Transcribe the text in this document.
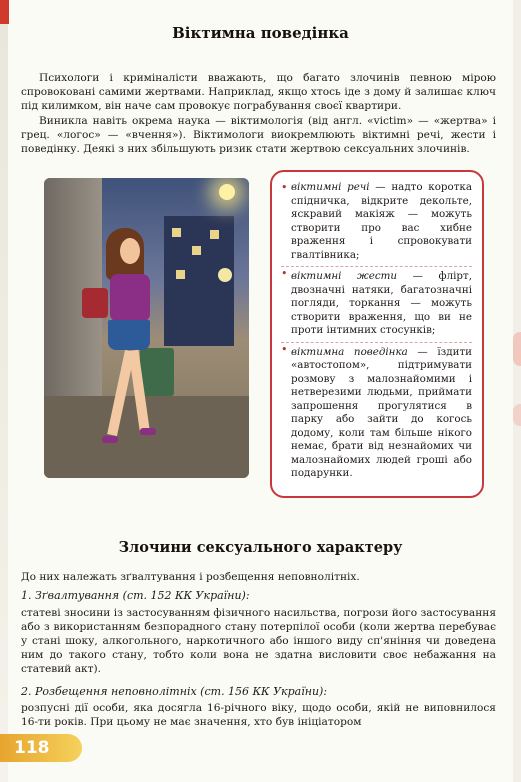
Віктимна поведінка

Психологи і криміналісти вважають, що багато злочинів певною мірою спровоковані самими жертвами. Наприклад, якщо хтось іде з дому й залишає ключ під килимком, він наче сам провокує пограбування своєї квартири.

Виникла навіть окрема наука — віктимологія (від англ. «victim» — «жертва» і грец. «логос» — «вчення»). Віктимологи виокремлюють віктимні речі, жести і поведінку. Деякі з них збільшують ризик стати жертвою сексуальних злочинів.

• віктимні речі — надто коротка спідничка, відкрите декольте, яскравий макіяж — можуть створити про вас хибне враження і спровокувати гвалтівника;
• віктимні жести — флірт, двозначні натяки, багатозначні погляди, торкання — можуть створити враження, що ви не проти інтимних стосунків;
• віктимна поведінка — їздити «автостопом», підтримувати розмову з малознайомими і нетверезими людьми, приймати запрошення прогулятися в парку або зайти до когось додому, коли там більше нікого немає, брати від незнайомих чи малознайомих людей гроші або подарунки.
Злочини сексуального характеру

До них належать зґвалтування і розбещення неповнолітніх.

1. Зґвалтування (ст. 152 КК України):

статеві зносини із застосуванням фізичного насильства, погрози його застосування або з використанням безпорадного стану потерпілої особи (коли жертва перебуває у стані шоку, алкогольного, наркотичного або іншого виду сп'яніння чи доведена ним до такого стану, тобто коли вона не здатна висловити своє небажання на статевий акт).

2. Розбещення неповнолітніх (ст. 156 КК України):

розпусні дії особи, яка досягла 16-річного віку, щодо особи, якій не виповнилося 16-ти років. При цьому не має значення, хто був ініціатором

118
